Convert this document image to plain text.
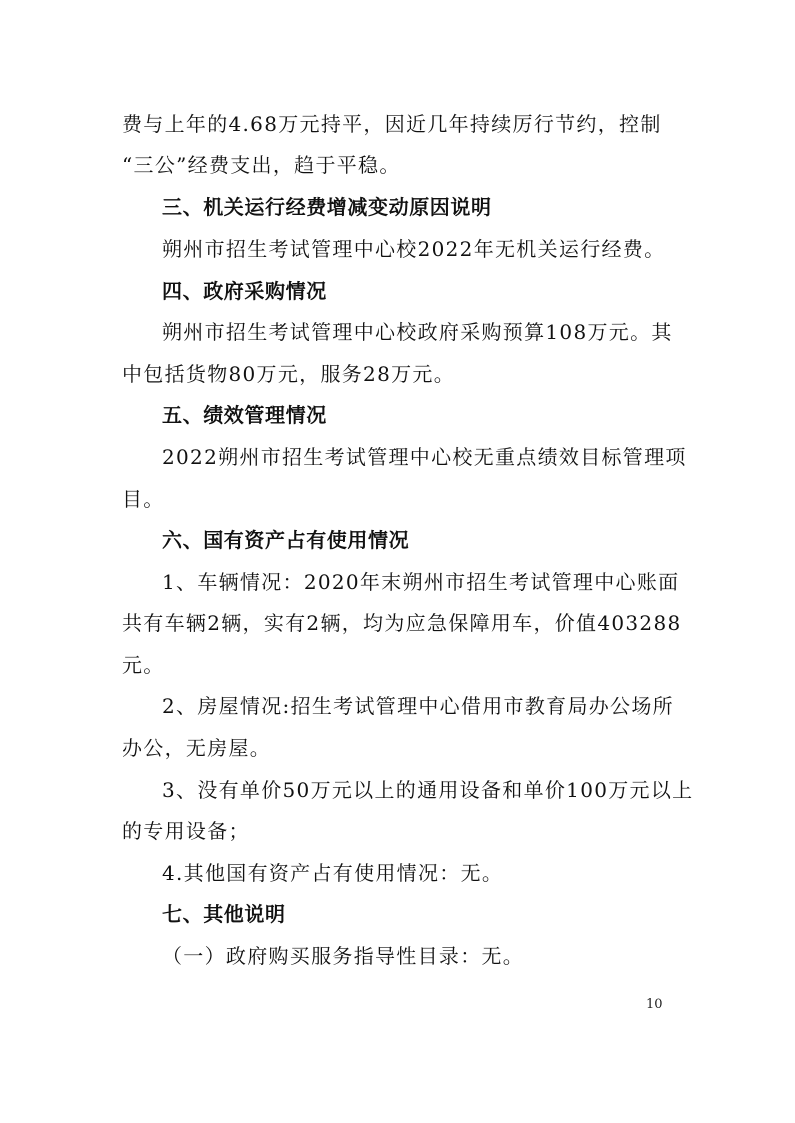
费与上年的4.68万元持平，因近几年持续厉行节约，控制
“三公”经费支出，趋于平稳。
三、机关运行经费增减变动原因说明
朔州市招生考试管理中心校2022年无机关运行经费。
四、政府采购情况
朔州市招生考试管理中心校政府采购预算108万元。其
中包括货物80万元，服务28万元。
五、绩效管理情况
2022朔州市招生考试管理中心校无重点绩效目标管理项
目。
六、国有资产占有使用情况
1、车辆情况：2020年末朔州市招生考试管理中心账面
共有车辆2辆，实有2辆，均为应急保障用车，价值403288
元。
2、房屋情况:招生考试管理中心借用市教育局办公场所
办公，无房屋。
3、没有单价50万元以上的通用设备和单价100万元以上
的专用设备；
4.其他国有资产占有使用情况：无。
七、其他说明
（一）政府购买服务指导性目录：无。
10
